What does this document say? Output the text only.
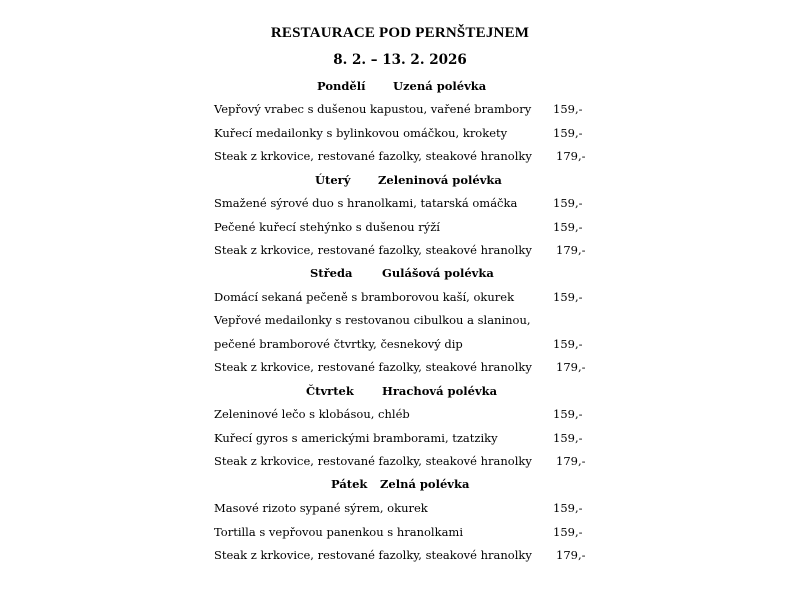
RESTAURACE POD PERNŠTEJNEM
8. 2. – 13. 2. 2026
Pondělí Uzená polévka
Vepřový vrabec s dušenou kapustou, vařené brambory 159,-
Kuřecí medailonky s bylinkovou omáčkou, krokety	159,-
Steak z krkovice, restované fazolky, steakové hranolky 179,-
Úterý Zeleninová polévka
Smažené sýrové duo s hranolkami, tatarská omáčka	159,-
Pečené kuřecí stehýnko s dušenou rýží	159,-
Steak z krkovice, restované fazolky, steakové hranolky 179,-
Středa	Gulášová polévka
Domácí sekaná pečeně s bramborovou kaší, okurek	159,-
Vepřové medailonky s restovanou cibulkou a slaninou,
pečené bramborové čtvrtky, česnekový dip	159,-
Steak z krkovice, restované fazolky, steakové hranolky 179,-
Čtvrtek Hrachová polévka
Zeleninové lečo s klobásou, chléb	159,-
Kuřecí gyros s americkými bramborami, tzatziky	159,-
Steak z krkovice, restované fazolky, steakové hranolky 179,-
Pátek Zelná polévka
Masové rizoto sypané sýrem, okurek	159,-
Tortilla s vepřovou panenkou s hranolkami	159,-
Steak z krkovice, restované fazolky, steakové hranolky 179,-
